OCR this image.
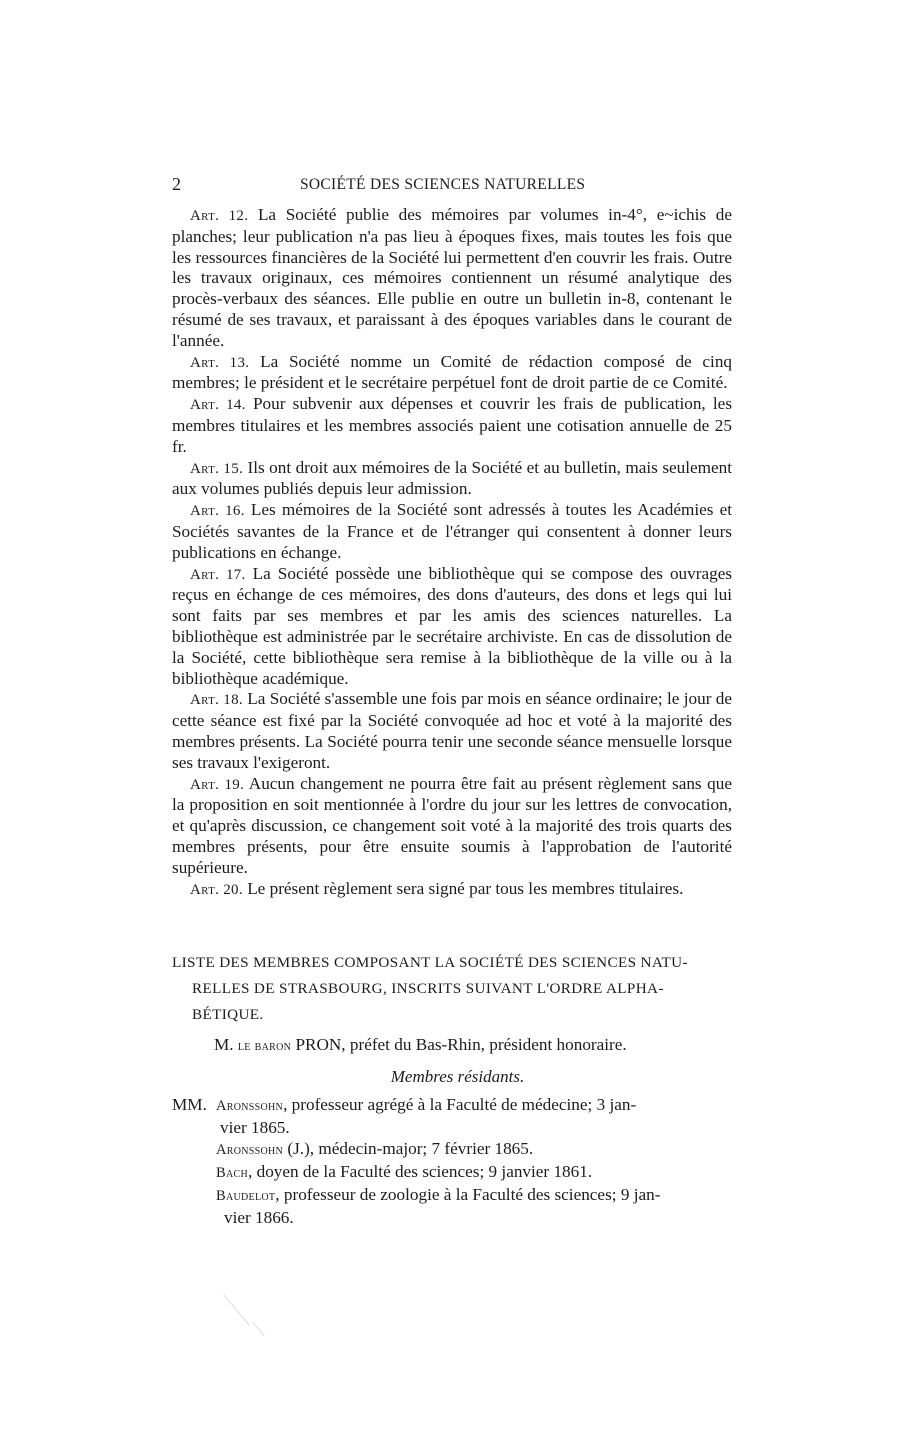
2	SOCIÉTÉ DES SCIENCES NATURELLES

Art. 12. La Société publie des mémoires par volumes in-4°, e~ichis de planches; leur publication n'a pas lieu à époques fixes, mais toutes les fois que les ressources financières de la Société lui permettent d'en couvrir les frais. Outre les travaux originaux, ces mémoires contiennent un résumé analytique des procès-verbaux des séances. Elle publie en outre un bulletin in-8, contenant le résumé de ses travaux, et paraissant à des époques variables dans le courant de l'année.

Art. 13. La Société nomme un Comité de rédaction composé de cinq membres; le président et le secrétaire perpétuel font de droit partie de ce Comité.

Art. 14. Pour subvenir aux dépenses et couvrir les frais de publication, les membres titulaires et les membres associés paient une cotisation annuelle de 25 fr.

Art. 15. Ils ont droit aux mémoires de la Société et au bulletin, mais seulement aux volumes publiés depuis leur admission.

Art. 16. Les mémoires de la Société sont adressés à toutes les Académies et Sociétés savantes de la France et de l'étranger qui consentent à donner leurs publications en échange.

Art. 17. La Société possède une bibliothèque qui se compose des ouvrages reçus en échange de ces mémoires, des dons d'auteurs, des dons et legs qui lui sont faits par ses membres et par les amis des sciences naturelles. La bibliothèque est administrée par le secrétaire archiviste. En cas de dissolution de la Société, cette bibliothèque sera remise à la bibliothèque de la ville ou à la bibliothèque académique.

Art. 18. La Société s'assemble une fois par mois en séance ordinaire; le jour de cette séance est fixé par la Société convoquée ad hoc et voté à la majorité des membres présents. La Société pourra tenir une seconde séance mensuelle lorsque ses travaux l'exigeront.

Art. 19. Aucun changement ne pourra être fait au présent règlement sans que la proposition en soit mentionnée à l'ordre du jour sur les lettres de convocation, et qu'après discussion, ce changement soit voté à la majorité des trois quarts des membres présents, pour être ensuite soumis à l'approbation de l'autorité supérieure.

Art. 20. Le présent règlement sera signé par tous les membres titulaires.

LISTE DES MEMBRES COMPOSANT LA SOCIÉTÉ DES SCIENCES NATU-
RELLES DE STRASBOURG, INSCRITS SUIVANT L'ORDRE ALPHA-
BÉTIQUE.
M. le baron PRON, préfet du Bas-Rhin, président honoraire.
Membres résidants.

MM. Aronssohn, professeur agrégé à la Faculté de médecine; 3 jan-
vier 1865.

Aronssohn (J.), médecin-major; 7 février 1865.

Bach, doyen de la Faculté des sciences; 9 janvier 1861.

Baudelot, professeur de zoologie à la Faculté des sciences; 9 jan-
vier 1866.
